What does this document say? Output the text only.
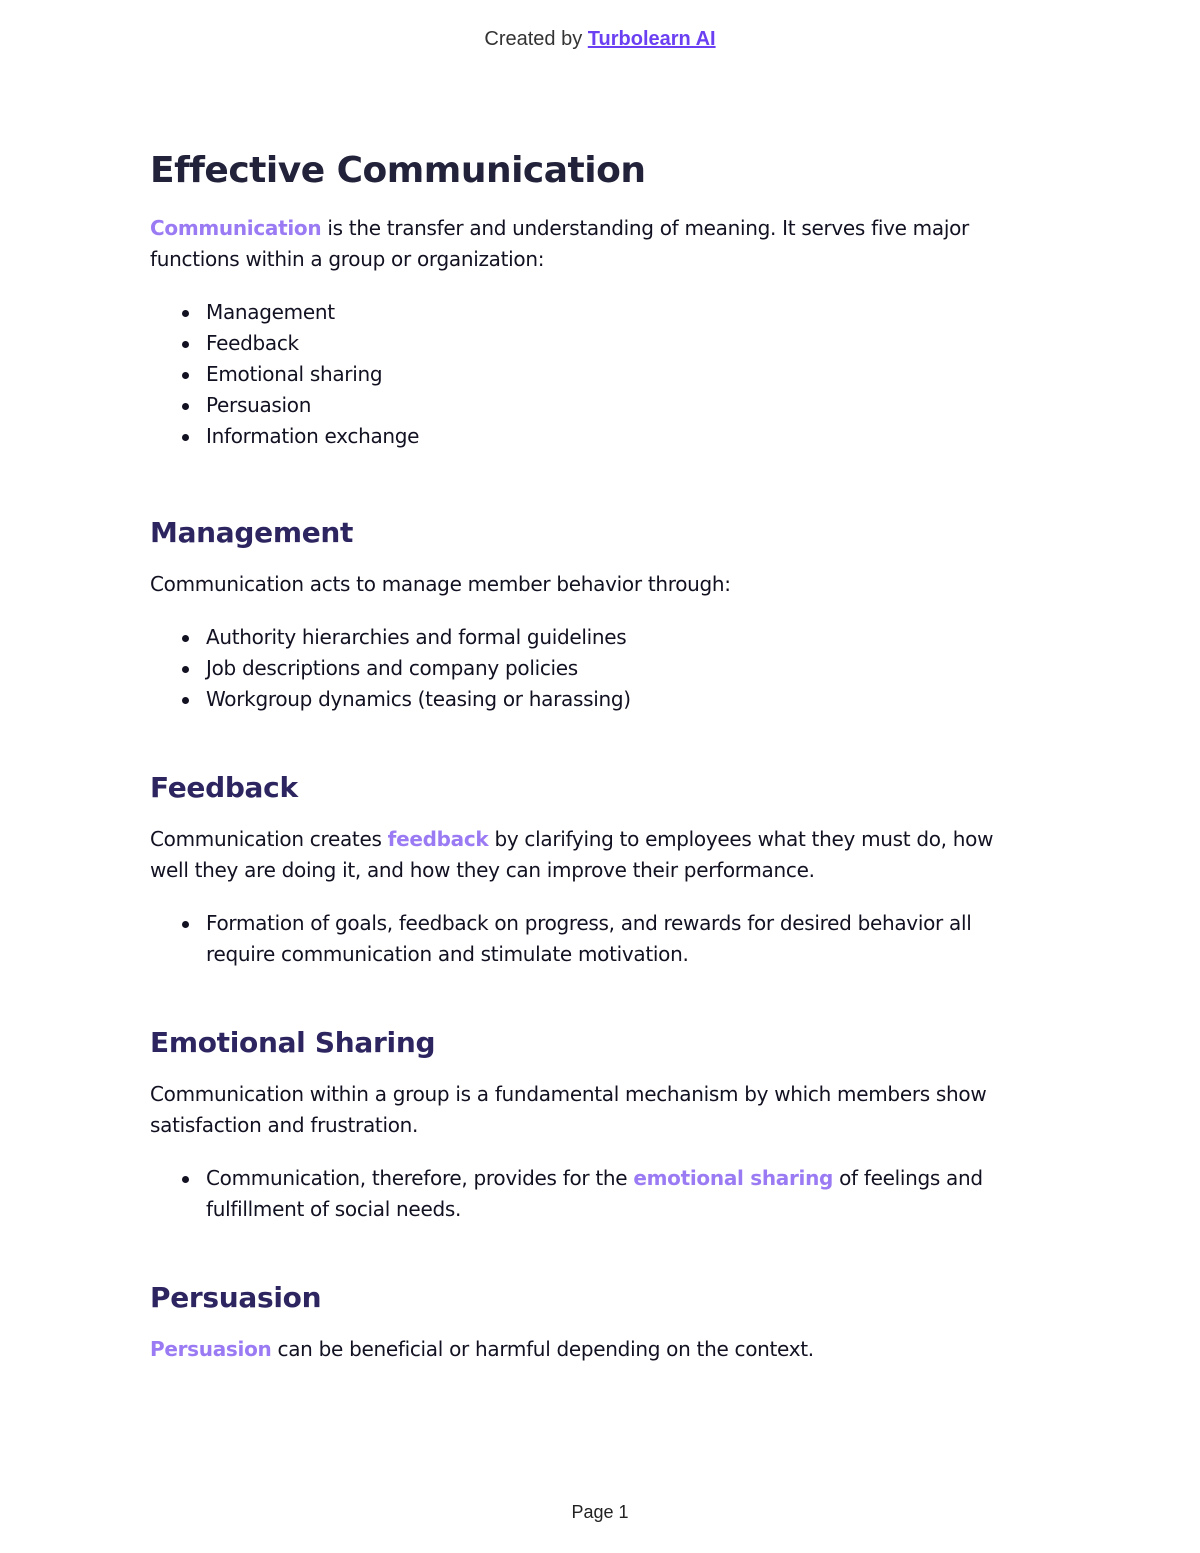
Created by Turbolearn AI
Effective Communication

Communication is the transfer and understanding of meaning. It serves five major functions within a group or organization:

Management
Feedback
Emotional sharing
Persuasion
Information exchange
Management

Communication acts to manage member behavior through:

Authority hierarchies and formal guidelines
Job descriptions and company policies
Workgroup dynamics (teasing or harassing)
Feedback

Communication creates feedback by clarifying to employees what they must do, how well they are doing it, and how they can improve their performance.

Formation of goals, feedback on progress, and rewards for desired behavior all require communication and stimulate motivation.
Emotional Sharing

Communication within a group is a fundamental mechanism by which members show satisfaction and frustration.

Communication, therefore, provides for the emotional sharing of feelings and fulfillment of social needs.
Persuasion

Persuasion can be beneficial or harmful depending on the context.

Page 1
